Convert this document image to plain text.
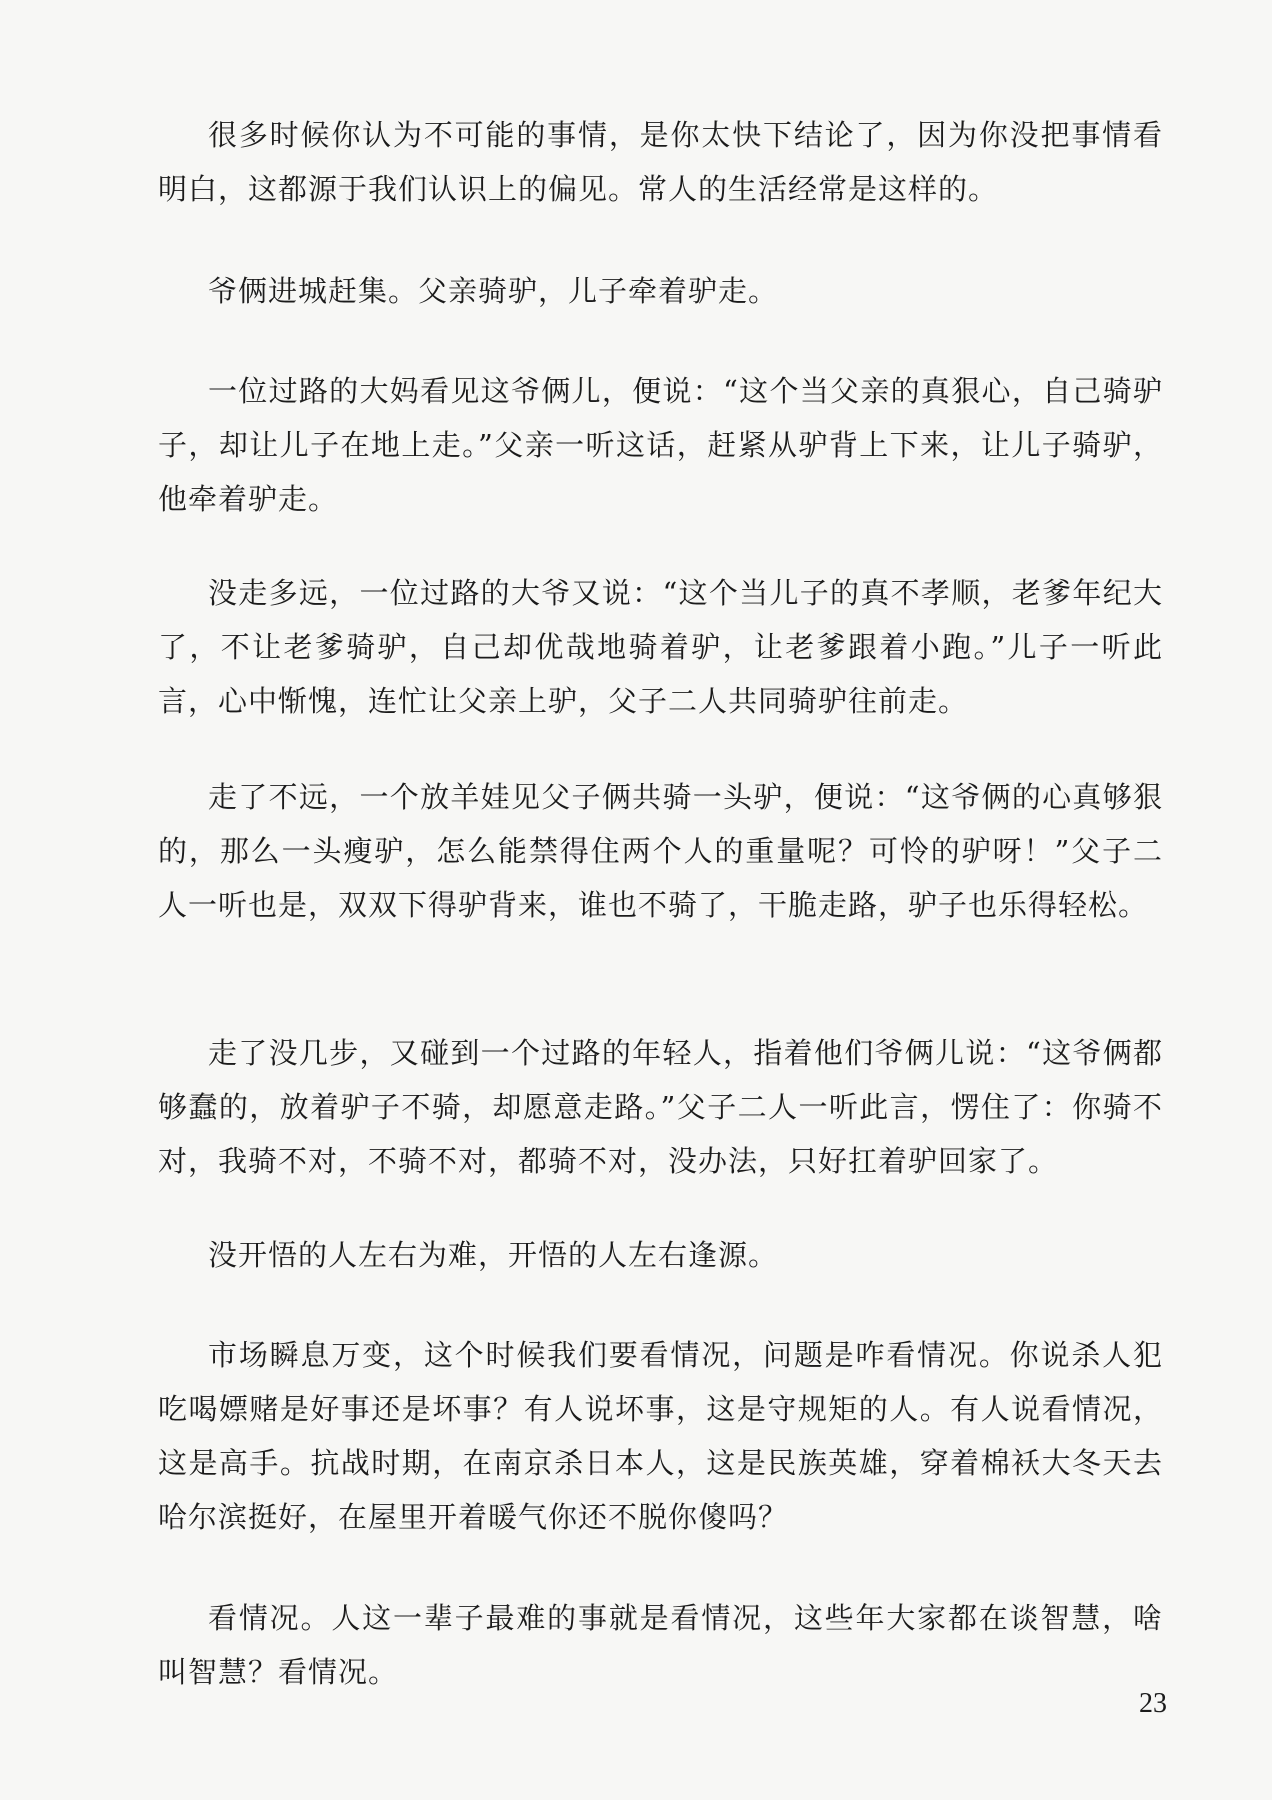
很多时候你认为不可能的事情，是你太快下结论了，因为你没把事情看明白，这都源于我们认识上的偏见。常人的生活经常是这样的。

爷俩进城赶集。父亲骑驴，儿子牵着驴走。

一位过路的大妈看见这爷俩儿，便说：“这个当父亲的真狠心，自己骑驴子，却让儿子在地上走。”父亲一听这话，赶紧从驴背上下来，让儿子骑驴，他牵着驴走。

没走多远，一位过路的大爷又说：“这个当儿子的真不孝顺，老爹年纪大了，不让老爹骑驴，自己却优哉地骑着驴，让老爹跟着小跑。”儿子一听此言，心中惭愧，连忙让父亲上驴，父子二人共同骑驴往前走。

走了不远，一个放羊娃见父子俩共骑一头驴，便说：“这爷俩的心真够狠的，那么一头瘦驴，怎么能禁得住两个人的重量呢？可怜的驴呀！”父子二人一听也是，双双下得驴背来，谁也不骑了，干脆走路，驴子也乐得轻松。

走了没几步，又碰到一个过路的年轻人，指着他们爷俩儿说：“这爷俩都够蠢的，放着驴子不骑，却愿意走路。”父子二人一听此言，愣住了：你骑不对，我骑不对，不骑不对，都骑不对，没办法，只好扛着驴回家了。

没开悟的人左右为难，开悟的人左右逢源。

市场瞬息万变，这个时候我们要看情况，问题是咋看情况。你说杀人犯吃喝嫖赌是好事还是坏事？有人说坏事，这是守规矩的人。有人说看情况，这是高手。抗战时期，在南京杀日本人，这是民族英雄，穿着棉袄大冬天去哈尔滨挺好，在屋里开着暖气你还不脱你傻吗？

看情况。人这一辈子最难的事就是看情况，这些年大家都在谈智慧，啥叫智慧？看情况。

23
